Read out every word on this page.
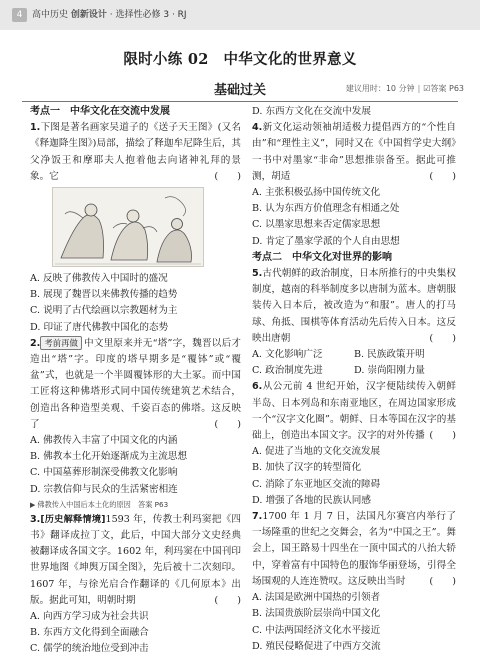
4	高中历史 创新设计 · 选择性必修 3 · RJ
限时小练 02　中华文化的世界意义
基础过关	建议用时：10 分钟 | ☑答案 P63

考点一 中华文化在交流中发展

1.下图是著名画家吴道子的《送子天王图》(又名《释迦降生图》)局部，描绘了释迦牟尼降生后，其父净饭王和摩耶夫人抱着他去向诸神礼拜的景象。它	(　　)

A. 反映了佛教传入中国时的盛况

B. 展现了魏晋以来佛教传播的趋势

C. 说明了古代绘画以宗教题材为主

D. 印证了唐代佛教中国化的态势

2. 考前再做 中文里原来并无“塔”字，魏晋以后才造出“塔”字。印度的塔早期多是“覆钵”或“覆盆”式，也就是一个半圆覆钵形的大土冢。而中国工匠将这种佛塔形式同中国传统建筑艺术结合，创造出各种造型美观、千姿百态的佛塔。这反映了	(　　)

A. 佛教传入丰富了中国文化的内涵

B. 佛教本土化开始逐渐成为主流思想

C. 中国墓葬形制深受佛教文化影响

D. 宗教信仰与民众的生活紧密相连

▶ 佛教传入中国后本土化的原因　答案 P63

3.[历史解释情境]1593 年，传教士利玛窦把《四书》翻译成拉丁文，此后，中国大部分文史经典被翻译成各国文字。1602 年，利玛窦在中国刊印世界地图《坤舆万国全图》，先后被十二次刻印。1607 年，与徐光启合作翻译的《几何原本》出版。据此可知，明朝时期	(　　)

A. 向西方学习成为社会共识

B. 东西方文化得到全面融合

C. 儒学的统治地位受到冲击

D. 东西方文化在交流中发展

4.新文化运动领袖胡适极力提倡西方的“个性自由”和“理性主义”，同时又在《中国哲学史大纲》一书中对墨家“非命”思想推崇备至。据此可推测，胡适	(　　)

A. 主张积极弘扬中国传统文化

B. 认为东西方价值理念有相通之处

C. 以墨家思想来否定儒家思想

D. 肯定了墨家学派的个人自由思想

考点二 中华文化对世界的影响

5.古代朝鲜的政治制度，日本所推行的中央集权制度，越南的科举制度多以唐制为蓝本。唐朝服装传入日本后，被改造为“和服”。唐人的打马球、角抵、围棋等体育活动先后传入日本。这反映出唐朝	(　　)

A. 文化影响广泛	B. 民族政策开明
C. 政治制度先进	D. 崇尚阳刚力量

6.从公元前 4 世纪开始，汉字便陆续传入朝鲜半岛、日本列岛和东南亚地区，在周边国家形成一个“汉字文化圈”。朝鲜、日本等国在汉字的基础上，创造出本国文字。汉字的对外传播 (　　)

A. 促进了当地的文化交流发展

B. 加快了汉字的转型简化

C. 消除了东亚地区交流的障碍

D. 增强了各地的民族认同感

7.1700 年 1 月 7 日，法国凡尔赛宫内举行了一场隆重的世纪之交舞会，名为“中国之王”。舞会上，国王路易十四坐在一顶中国式的八抬大轿中，穿着富有中国特色的服饰华丽登场，引得全场围观的人连连赞叹。这反映出当时 (　　)

A. 法国是欧洲中国热的引领者

B. 法国贵族阶层崇尚中国文化

C. 中法两国经济文化水平接近

D. 殖民侵略促进了中西方交流
